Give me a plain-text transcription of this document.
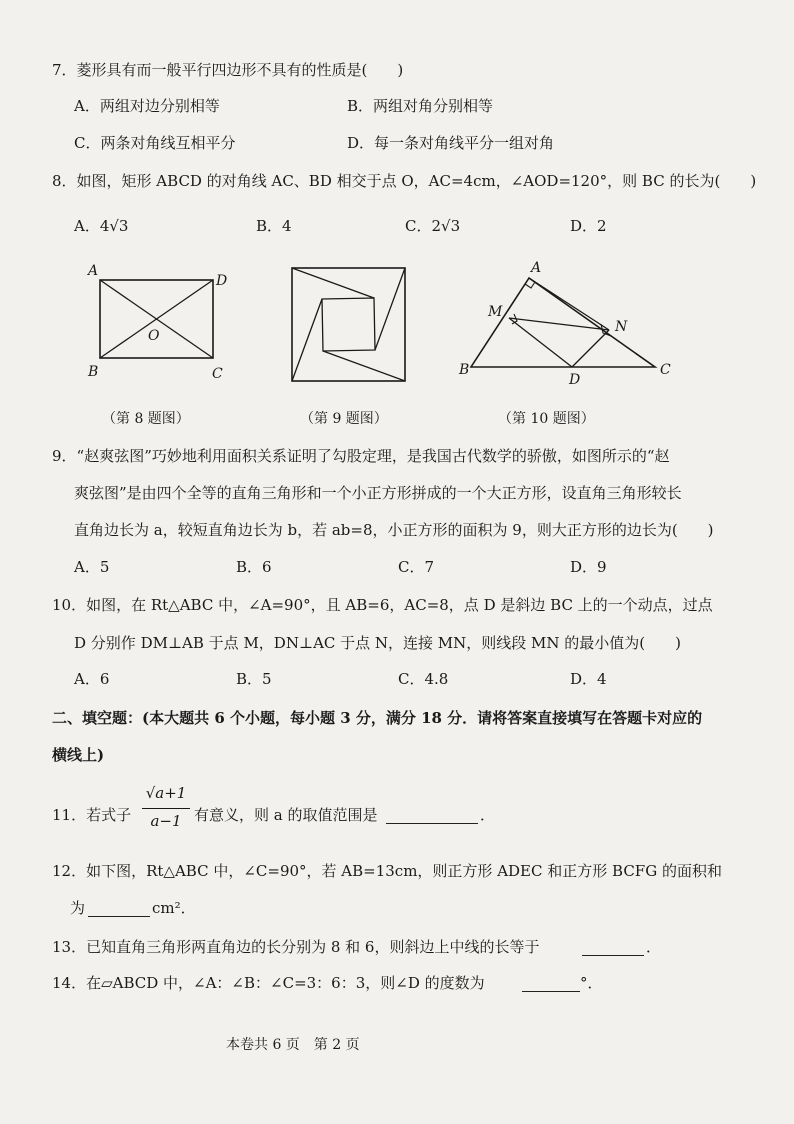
7．菱形具有而一般平行四边形不具有的性质是(　　)
A．两组对边分别相等	B．两组对角分别相等
C．两条对角线互相平分	D．每一条对角线平分一组对角
8．如图，矩形 ABCD 的对角线 AC、BD 相交于点 O，AC=4cm，∠AOD=120°，则 BC 的长为(　　)
A．4√3	B．4	C．2√3	D．2
A
D
O
B	C
A
M
N
B
D
C
（第 8 题图）	（第 9 题图）	（第 10 题图）
9．“赵爽弦图”巧妙地利用面积关系证明了勾股定理，是我国古代数学的骄傲，如图所示的“赵
爽弦图”是由四个全等的直角三角形和一个小正方形拼成的一个大正方形，设直角三角形较长
直角边长为 a，较短直角边长为 b，若 ab=8，小正方形的面积为 9，则大正方形的边长为(　　)
A．5	B．6	C．7	D．9
10．如图，在 Rt△ABC 中，∠A=90°，且 AB=6，AC=8，点 D 是斜边 BC 上的一个动点，过点
D 分别作 DM⊥AB 于点 M，DN⊥AC 于点 N，连接 MN，则线段 MN 的最小值为(　　)
A．6	B．5	C．4.8	D．4
二、填空题：(本大题共 6 个小题，每小题 3 分，满分 18 分．请将答案直接填写在答题卡对应的
横线上)
11．若式子
√a+1
a−1 有意义，则 a 的取值范围是	．
12．如下图，Rt△ABC 中，∠C=90°，若 AB=13cm，则正方形 ADEC 和正方形 BCFG 的面积和
为	cm²．
13．已知直角三角形两直角边的长分别为 8 和 6，则斜边上中线的长等于	．
14．在▱ABCD 中，∠A：∠B：∠C=3：6：3，则∠D 的度数为	°．
本卷共 6 页　第 2 页
